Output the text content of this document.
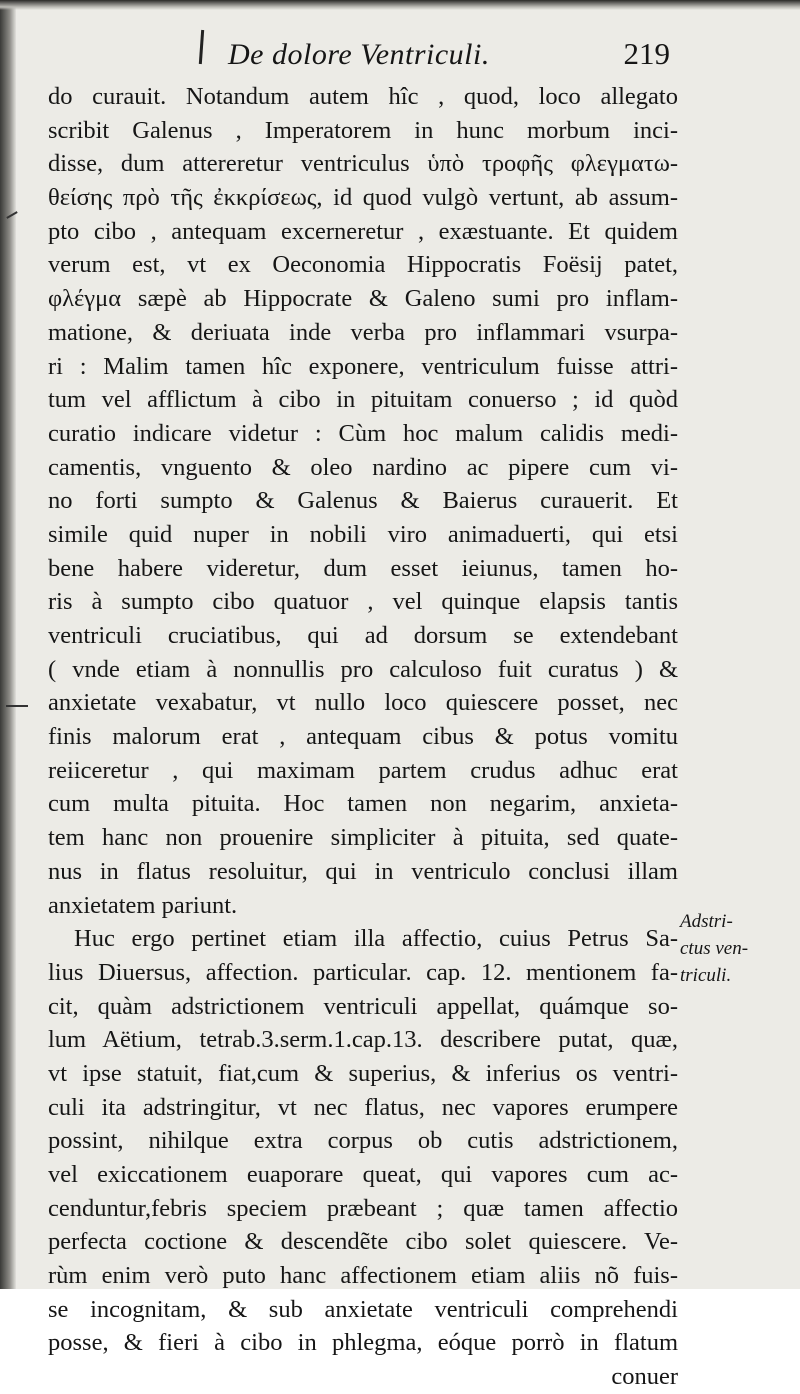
De dolore Ventriculi.	219
do curauit. Notandum autem hîc , quod, loco allegato
scribit Galenus , Imperatorem in hunc morbum inci-
disse, dum attereretur ventriculus ὑπὸ τροφῆς φλεγματω-
θείσης πρὸ τῆς ἐκκρίσεως, id quod vulgò vertunt, ab assum-
pto cibo , antequam excerneretur , exæstuante. Et quidem
verum est, vt ex Oeconomia Hippocratis Foësij patet,
φλέγμα sæpè ab Hippocrate & Galeno sumi pro inflam-
matione, & deriuata inde verba pro inflammari vsurpa-
ri : Malim tamen hîc exponere, ventriculum fuisse attri-
tum vel afflictum à cibo in pituitam conuerso ; id quòd
curatio indicare videtur : Cùm hoc malum calidis medi-
camentis, vnguento & oleo nardino ac pipere cum vi-
no forti sumpto & Galenus & Baierus curauerit. Et
simile quid nuper in nobili viro animaduerti, qui etsi
bene habere videretur, dum esset ieiunus, tamen ho-
ris à sumpto cibo quatuor , vel quinque elapsis tantis
ventriculi cruciatibus, qui ad dorsum se extendebant
( vnde etiam à nonnullis pro calculoso fuit curatus ) &
anxietate vexabatur, vt nullo loco quiescere posset, nec
finis malorum erat , antequam cibus & potus vomitu
reiiceretur , qui maximam partem crudus adhuc erat
cum multa pituita. Hoc tamen non negarim, anxieta-
tem hanc non prouenire simpliciter à pituita, sed quate-
nus in flatus resoluitur, qui in ventriculo conclusi illam
anxietatem pariunt.
Huc ergo pertinet etiam illa affectio, cuius Petrus Sa-
lius Diuersus, affection. particular. cap. 12. mentionem fa-
cit, quàm adstrictionem ventriculi appellat, quámque so-
lum Aëtium, tetrab.3.serm.1.cap.13. describere putat, quæ,
vt ipse statuit, fiat,cum & superius, & inferius os ventri-
culi ita adstringitur, vt nec flatus, nec vapores erumpere
possint, nihilque extra corpus ob cutis adstrictionem,
vel exiccationem euaporare queat, qui vapores cum ac-
cenduntur,febris speciem præbeant ; quæ tamen affectio
perfecta coctione & descendẽte cibo solet quiescere. Ve-
rùm enim verò puto hanc affectionem etiam aliis nõ fuis-
se incognitam, & sub anxietate ventriculi comprehendi
posse, & fieri à cibo in phlegma, eóque porrò in flatum
conuer
Adstri-
ctus ven-
triculi.
